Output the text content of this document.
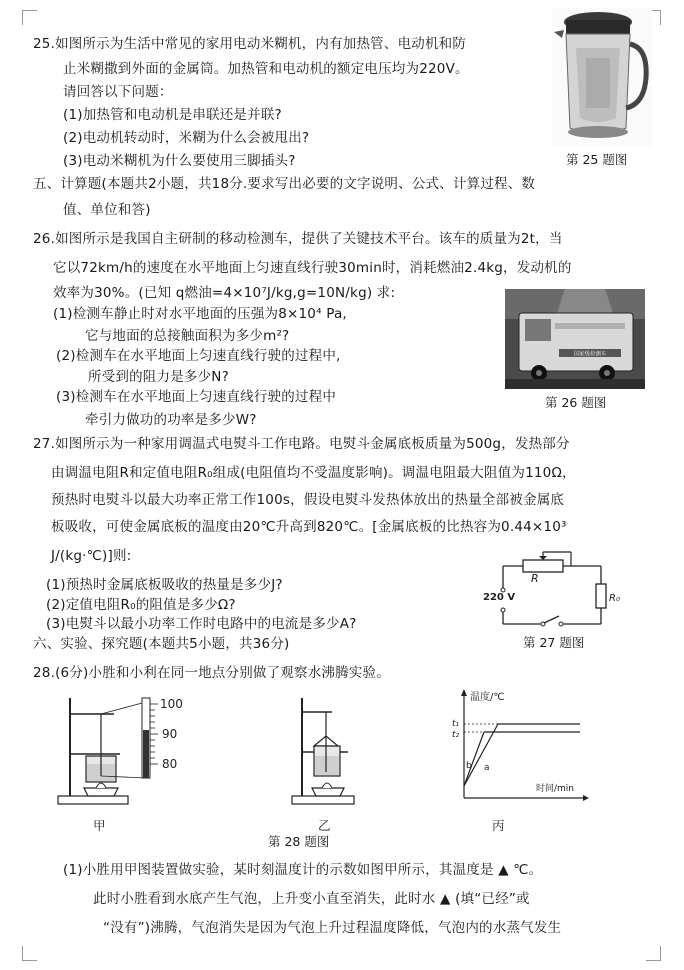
25.如图所示为生活中常见的家用电动米糊机，内有加热管、电动机和防
止米糊撒到外面的金属筒。加热管和电动机的额定电压均为220V。
请回答以下问题：
(1)加热管和电动机是串联还是并联?
(2)电动机转动时，米糊为什么会被甩出?
(3)电动米糊机为什么要使用三脚插头?	第 25 题图
五、计算题(本题共2小题，共18分.要求写出必要的文字说明、公式、计算过程、数
值、单位和答)
26.如图所示是我国自主研制的移动检测车，提供了关键技术平台。该车的质量为2t，当
它以72km/h的速度在水平地面上匀速直线行驶30min时，消耗燃油2.4kg，发动机的
效率为30%。(已知 q燃油=4×10⁷J/kg,g=10N/kg) 求:
(1)检测车静止时对水平地面的压强为8×10⁴ Pa,
它与地面的总接触面积为多少m²?
(2)检测车在水平地面上匀速直线行驶的过程中,
所受到的阻力是多少N?
(3)检测车在水平地面上匀速直线行驶的过程中
牵引力做功的功率是多少W?
国家级检测车
第 26 题图
27.如图所示为一种家用调温式电熨斗工作电路。电熨斗金属底板质量为500g，发热部分
由调温电阻R和定值电阻R₀组成(电阻值均不受温度影响)。调温电阻最大阻值为110Ω，
预热时电熨斗以最大功率正常工作100s，假设电熨斗发热体放出的热量全部被金属底
板吸收，可使金属底板的温度由20℃升高到820℃。[金属底板的比热容为0.44×10³
J/(kg·℃)]则:
(1)预热时金属底板吸收的热量是多少J?
(2)定值电阻R₀的阻值是多少Ω?
(3)电熨斗以最小功率工作时电路中的电流是多少A?
R
R₀
220 V
第 27 题图
六、实验、探究题(本题共5小题，共36分)
28.(6分)小胜和小利在同一地点分别做了观察水沸腾实验。
100
90
80
甲	乙
温度/℃
时间/min
t₁
t₂
b a
丙
第 28 题图
(1)小胜用甲图装置做实验，某时刻温度计的示数如图甲所示，其温度是 ▲ ℃。
此时小胜看到水底产生气泡，上升变小直至消失，此时水 ▲ (填“已经”或
“没有”)沸腾，气泡消失是因为气泡上升过程温度降低，气泡内的水蒸气发生
